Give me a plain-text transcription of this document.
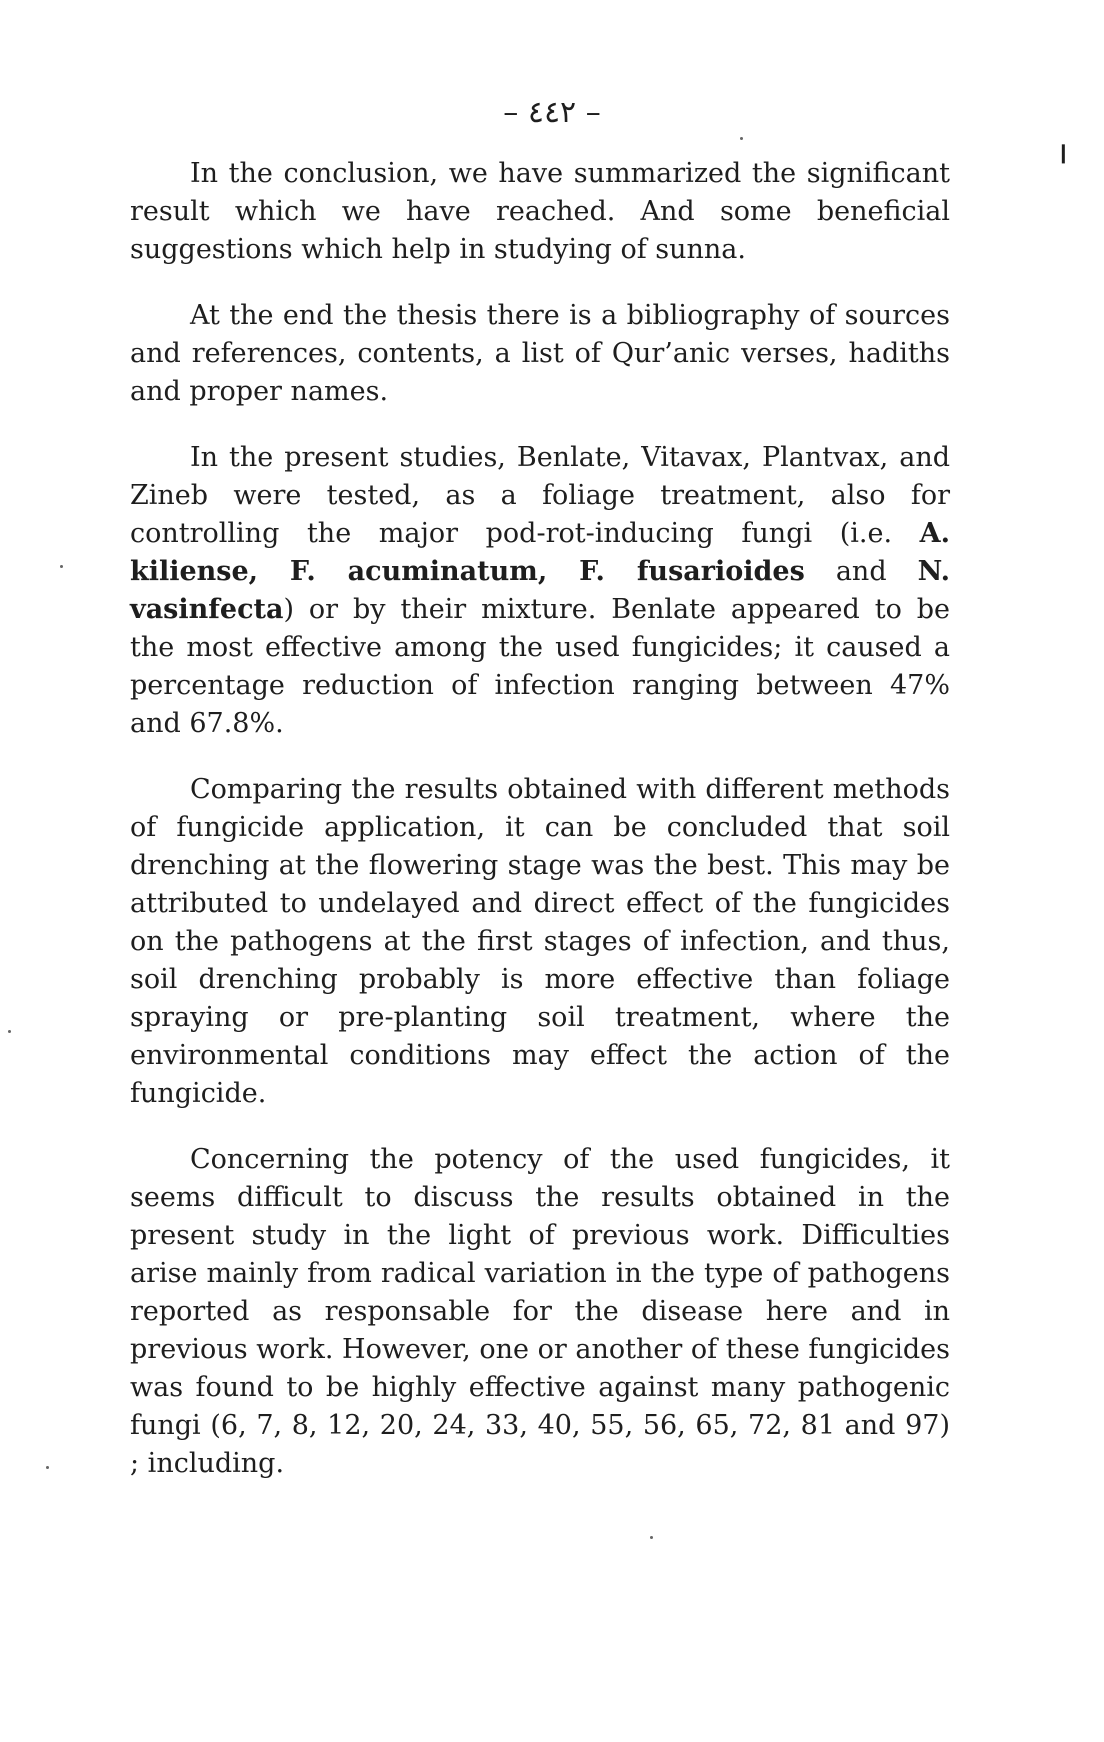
– ٤٤٢ –
ا

In the conclusion, we have summarized the significant result which we have reached. And some beneficial suggestions which help in studying of sunna.

At the end the thesis there is a bibliography of sources and references, contents, a list of Qur’anic verses, hadiths and proper names.

In the present studies, Benlate, Vitavax, Plantvax, and Zineb were tested, as a foliage treatment, also for controlling the major pod-rot-inducing fungi (i.e. A. kiliense, F. acuminatum, F. fusarioides and N. vasinfecta) or by their mixture. Benlate appeared to be the most effective among the used fungicides; it caused a percentage reduction of infection ranging between 47% and 67.8%.

Comparing the results obtained with different methods of fungicide application, it can be concluded that soil drenching at the flowering stage was the best. This may be attributed to undelayed and direct effect of the fungicides on the pathogens at the first stages of infection, and thus, soil drenching probably is more effective than foliage spraying or pre-planting soil treatment, where the environmental conditions may effect the action of the fungicide.

Concerning the potency of the used fungicides, it seems difficult to discuss the results obtained in the present study in the light of previous work. Difficulties arise mainly from radical variation in the type of pathogens reported as responsable for the disease here and in previous work. However, one or another of these fungicides was found to be highly effective against many pathogenic fungi (6, 7, 8, 12, 20, 24, 33, 40, 55, 56, 65, 72, 81 and 97) ; including.
